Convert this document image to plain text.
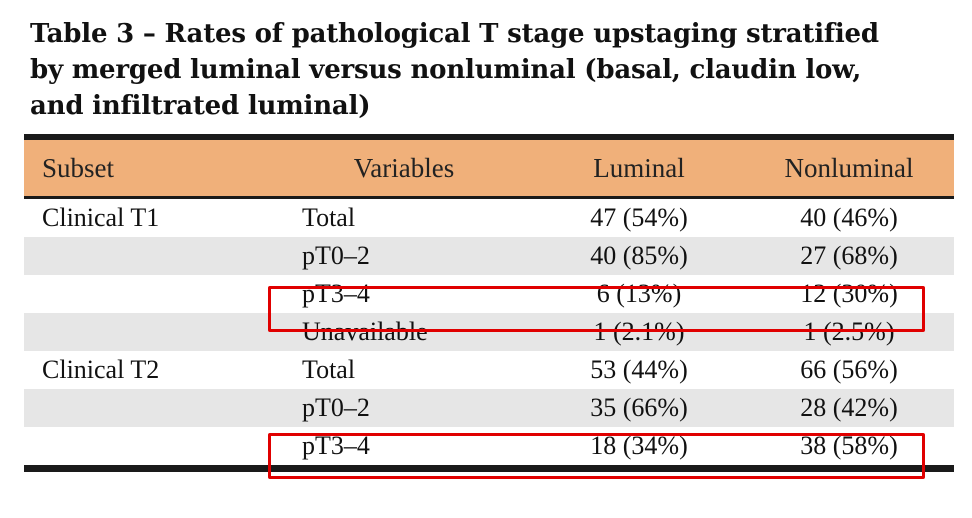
Table 3 – Rates of pathological T stage upstaging stratified by merged luminal versus nonluminal (basal, claudin low, and infiltrated luminal)

Subset	Variables	Luminal	Nonluminal

Clinical T1	Total	47 (54%)	40 (46%)
	pT0–2	40 (85%)	27 (68%)
	pT3–4	6 (13%)	12 (30%)
	Unavailable	1 (2.1%)	1 (2.5%)
Clinical T2	Total	53 (44%)	66 (56%)
	pT0–2	35 (66%)	28 (42%)
	pT3–4	18 (34%)	38 (58%)
